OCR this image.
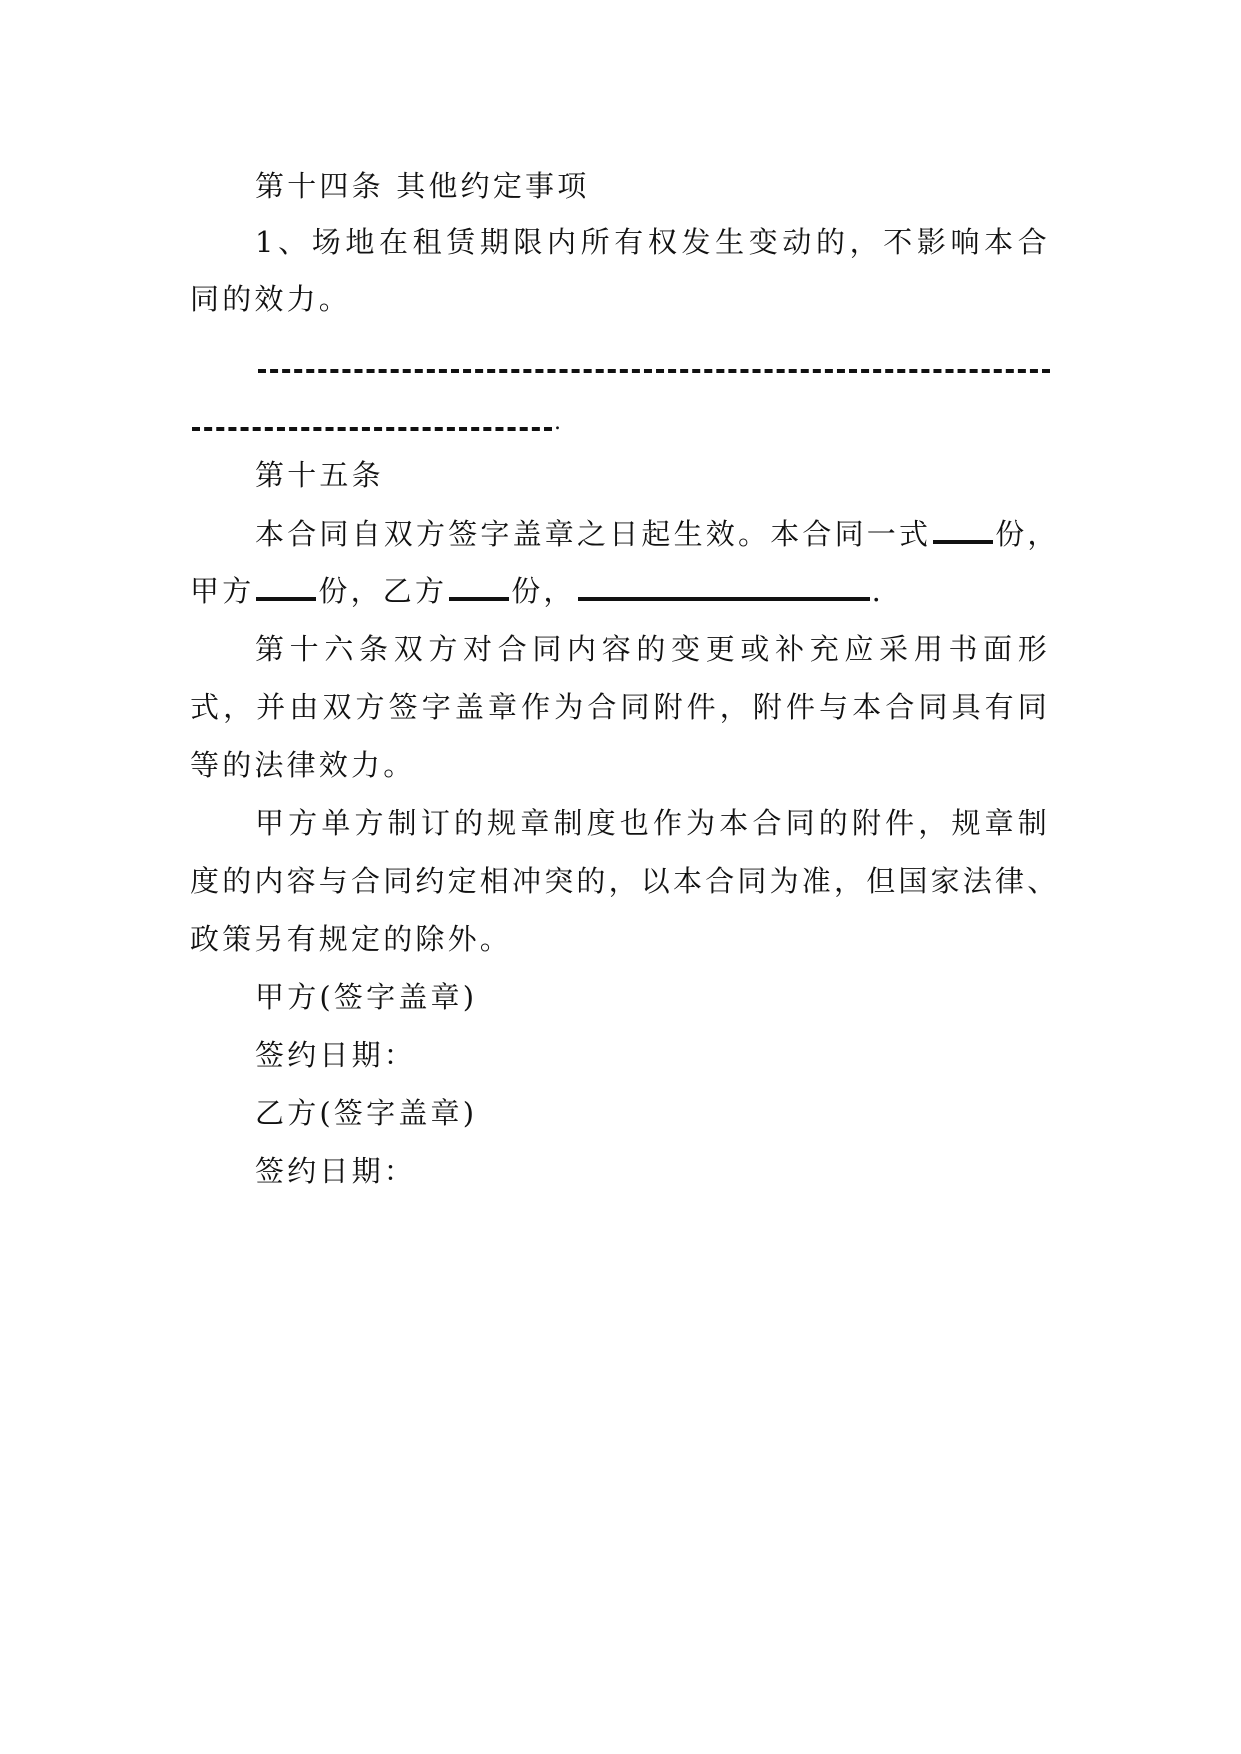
第十四条 其他约定事项
1、场地在租赁期限内所有权发生变动的，不影响本合
同的效力。
.
第十五条
本合同自双方签字盖章之日起生效。本合同一式 份，
甲方 份，乙方 份，	.
第十六条双方对合同内容的变更或补充应采用书面形
式，并由双方签字盖章作为合同附件，附件与本合同具有同
等的法律效力。
甲方单方制订的规章制度也作为本合同的附件，规章制
度的内容与合同约定相冲突的，以本合同为准，但国家法律、
政策另有规定的除外。
甲方(签字盖章)
签约日期：
乙方(签字盖章)
签约日期：
